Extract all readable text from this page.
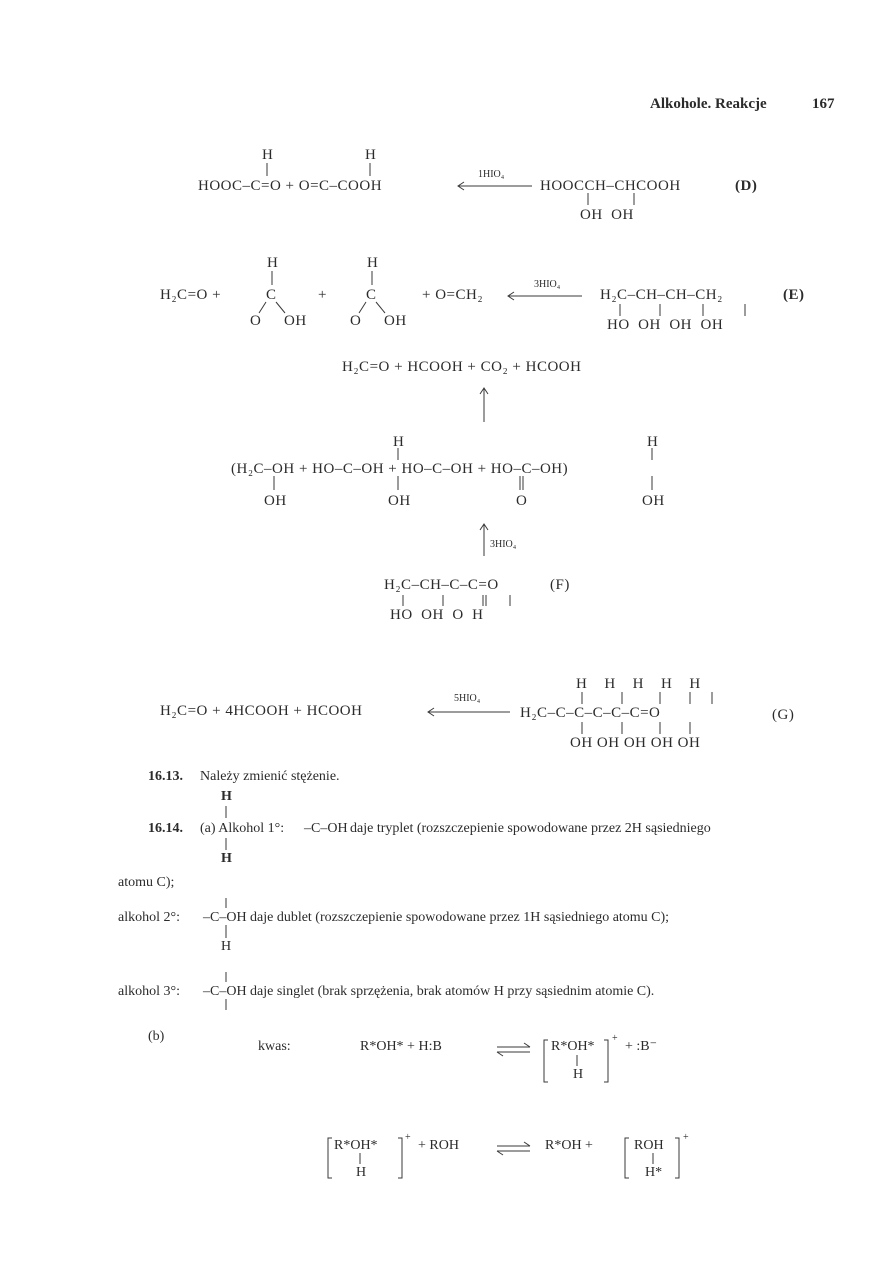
Alkohole. Reakcje	167
H	H
HOOC–C=O + O=C–COOH
1HIO₄
HOOCCH–CHCOOH
OH  OH
(D)
H	H
H₂C=O +	C	+	C	+ O=CH₂
O OH	O OH
3HIO₄
H₂C–CH–CH–CH₂
HO  OH  OH  OH
(E)
H₂C=O + HCOOH + CO₂ + HCOOH
H	H
(H₂C–OH + HO–C–OH + HO–C–OH + HO–C–OH)
OH	OH	O	OH
3HIO₄
H₂C–CH–C–C=O
HO  OH  O  H
(F)
H₂C=O + 4HCOOH + HCOOH
5HIO₄
H    H    H    H    H
H₂C–C–C–C–C–C=O
OH OH OH OH OH
(G)
16.13. Należy zmienić stężenie.
H
16.14. (a) Alkohol 1°: –C–OH daje tryplet (rozszczepienie spowodowane przez 2H sąsiedniego
H
atomu C);
alkohol 2°: –C–OH daje dublet (rozszczepienie spowodowane przez 1H sąsiedniego atomu C);
H
alkohol 3°: –C–OH daje singlet (brak sprzężenia, brak atomów H przy sąsiednim atomie C).
(b)
kwas:	R*OH* + H:B	R*OH*
+
H
+ :B⁻
R*OH*
+
H
+ ROH	R*OH +	ROH
+
H*
